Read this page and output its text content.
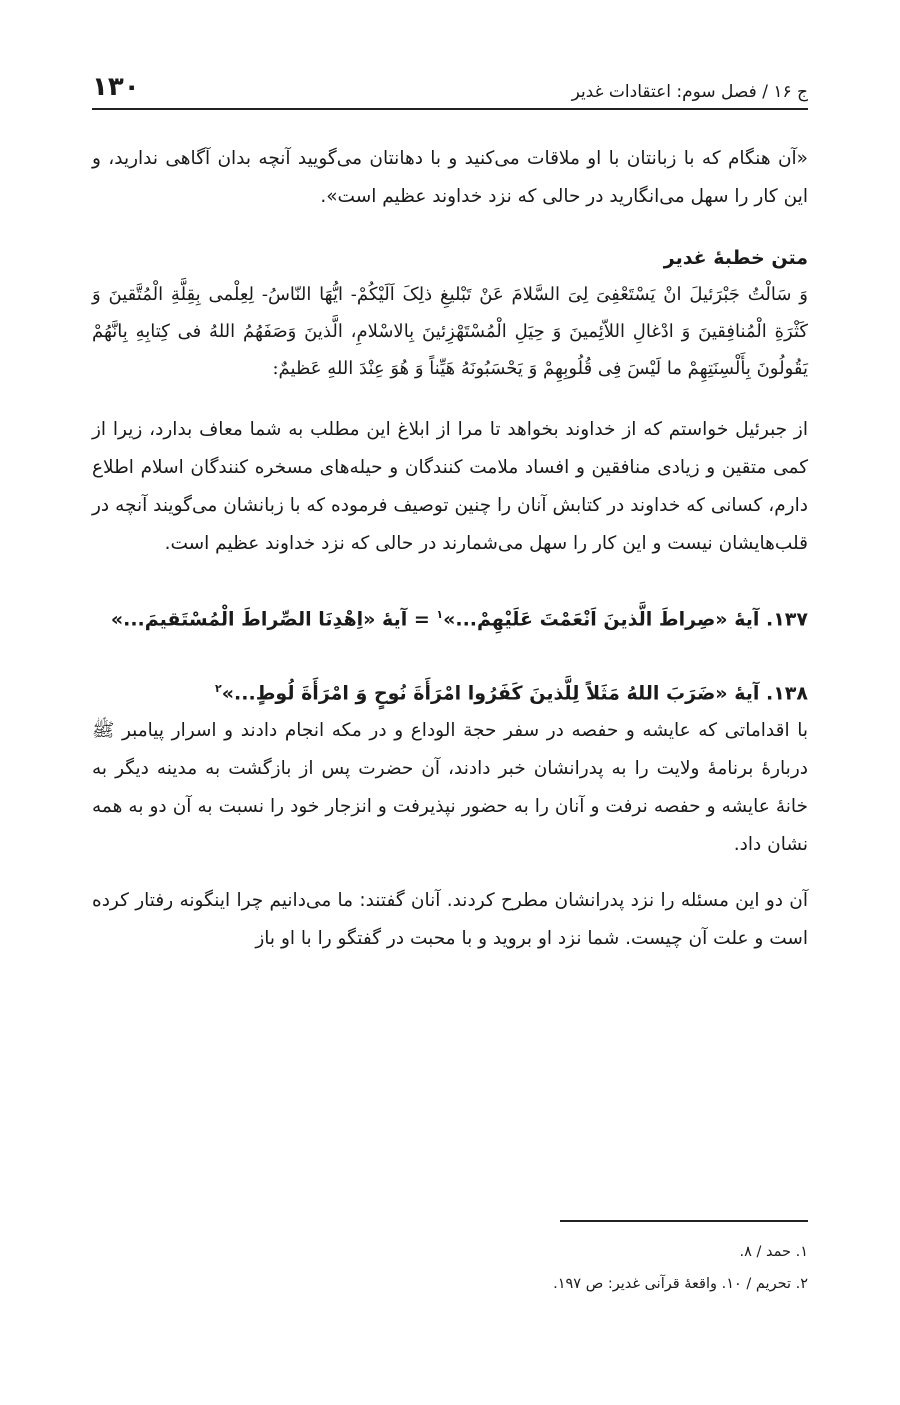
۱۳۰	ج ۱۶ / فصل سوم: اعتقادات غدیر

«آن هنگام که با زبانتان با او ملاقات می‌کنید و با دهانتان می‌گویید آنچه بدان آگاهی ندارید، و این کار را سهل می‌انگارید در حالی که نزد خداوند عظیم است».

متن خطبهٔ غدیر

وَ سَالْتُ جَبْرَئیلَ انْ یَسْتَعْفِیَ لِیَ السَّلامَ عَنْ تَبْلیغِ ذلِکَ اَلَیْکُمْ- ایُّهَا النّاسُ- لِعِلْمی بِقِلَّةِ الْمُتَّقینَ وَ کَثْرَةِ الْمُنافِقینَ وَ ادْغالِ اللاّئِمینَ وَ حِیَلِ الْمُسْتَهْزِئینَ بِالاسْلامِ، الَّذینَ وَصَفَهُمُ اللهُ فی کِتابِهِ بِانَّهُمْ یَقُولُونَ بِأَلْسِنَتِهِمْ ما لَیْسَ فِی قُلُوبِهِمْ وَ یَحْسَبُونَهُ هَیِّناً وَ هُوَ عِنْدَ اللهِ عَظیمٌ:

از جبرئیل خواستم که از خداوند بخواهد تا مرا از ابلاغ این مطلب به شما معاف بدارد، زیرا از کمی متقین و زیادی منافقین و افساد ملامت کنندگان و حیله‌های مسخره کنندگان اسلام اطلاع دارم، کسانی که خداوند در کتابش آنان را چنین توصیف فرموده که با زبانشان می‌گویند آنچه در قلب‌هایشان نیست و این کار را سهل می‌شمارند در حالی که نزد خداوند عظیم است.

۱۳۷. آیهٔ «صِراطَ الَّذینَ اَنْعَمْتَ عَلَیْهِمْ...»$^۱$ = آیهٔ «اِهْدِنَا الصِّراطَ الْمُسْتَقیمَ...»

۱۳۸. آیهٔ «ضَرَبَ اللهُ مَثَلاً لِلَّذینَ کَفَرُوا امْرَأَةَ نُوحٍ وَ امْرَأَةَ لُوطٍ...»$^۲$

با اقداماتی که عایشه و حفصه در سفر حجة الوداع و در مکه انجام دادند و اسرار پیامبر ﷺ دربارهٔ برنامهٔ ولایت را به پدرانشان خبر دادند، آن حضرت پس از بازگشت به مدینه دیگر به خانهٔ عایشه و حفصه نرفت و آنان را به حضور نپذیرفت و انزجار خود را نسبت به آن دو به همه نشان داد.

آن دو این مسئله را نزد پدرانشان مطرح کردند. آنان گفتند: ما می‌دانیم چرا اینگونه رفتار کرده است و علت آن چیست. شما نزد او بروید و با محبت در گفتگو را با او باز

۱. حمد / ۸.

۲. تحریم / ۱۰. واقعهٔ قرآنی غدیر: ص ۱۹۷.
